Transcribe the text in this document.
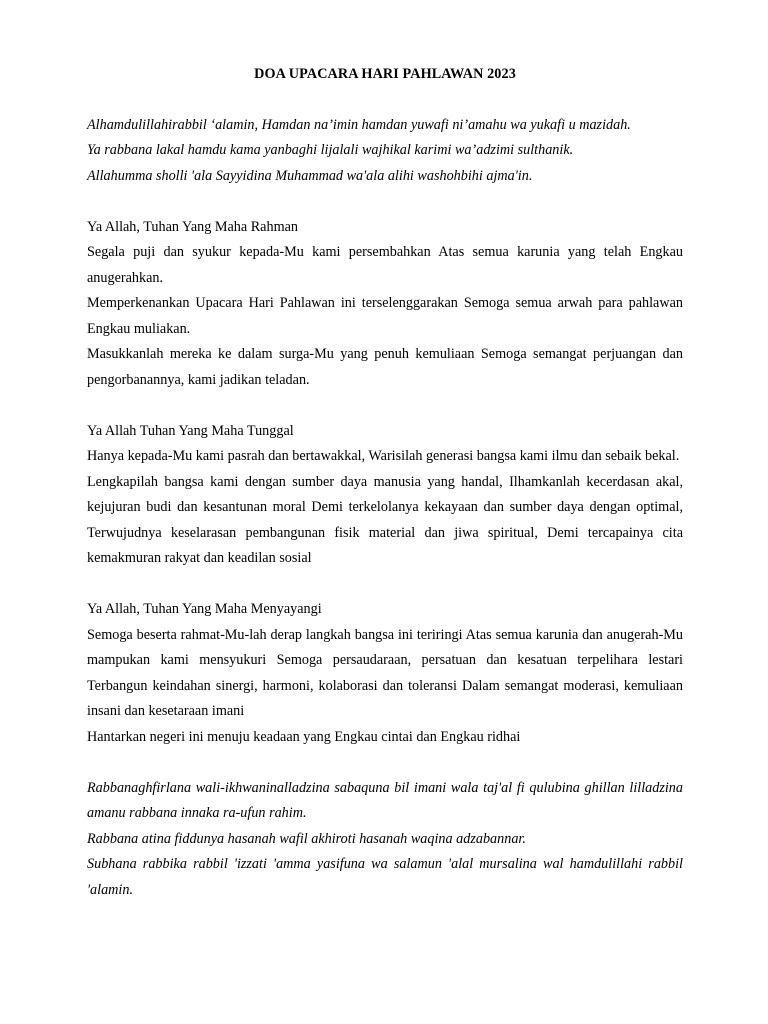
DOA UPACARA HARI PAHLAWAN 2023

Alhamdulillahirabbil ‘alamin, Hamdan na’imin hamdan yuwafi ni’amahu wa yukafi u mazidah.

Ya rabbana lakal hamdu kama yanbaghi lijalali wajhikal karimi wa’adzimi sulthanik.

Allahumma sholli 'ala Sayyidina Muhammad wa'ala alihi washohbihi ajma'in.

Ya Allah, Tuhan Yang Maha Rahman

Segala puji dan syukur kepada-Mu kami persembahkan Atas semua karunia yang telah Engkau anugerahkan.

Memperkenankan Upacara Hari Pahlawan ini terselenggarakan Semoga semua arwah para pahlawan Engkau muliakan.

Masukkanlah mereka ke dalam surga-Mu yang penuh kemuliaan Semoga semangat perjuangan dan pengorbanannya, kami jadikan teladan.

Ya Allah Tuhan Yang Maha Tunggal

Hanya kepada-Mu kami pasrah dan bertawakkal, Warisilah generasi bangsa kami ilmu dan sebaik bekal.

Lengkapilah bangsa kami dengan sumber daya manusia yang handal, Ilhamkanlah kecerdasan akal, kejujuran budi dan kesantunan moral Demi terkelolanya kekayaan dan sumber daya dengan optimal, Terwujudnya keselarasan pembangunan fisik material dan jiwa spiritual, Demi tercapainya cita kemakmuran rakyat dan keadilan sosial

Ya Allah, Tuhan Yang Maha Menyayangi

Semoga beserta rahmat-Mu-lah derap langkah bangsa ini teriringi Atas semua karunia dan anugerah-Mu mampukan kami mensyukuri Semoga persaudaraan, persatuan dan kesatuan terpelihara lestari Terbangun keindahan sinergi, harmoni, kolaborasi dan toleransi Dalam semangat moderasi, kemuliaan insani dan kesetaraan imani

Hantarkan negeri ini menuju keadaan yang Engkau cintai dan Engkau ridhai

Rabbanaghfirlana wali-ikhwaninalladzina sabaquna bil imani wala taj'al fi qulubina ghillan lilladzina amanu rabbana innaka ra-ufun rahim.

Rabbana atina fiddunya hasanah wafil akhiroti hasanah waqina adzabannar.

Subhana rabbika rabbil 'izzati 'amma yasifuna wa salamun 'alal mursalina wal hamdulillahi rabbil 'alamin.
